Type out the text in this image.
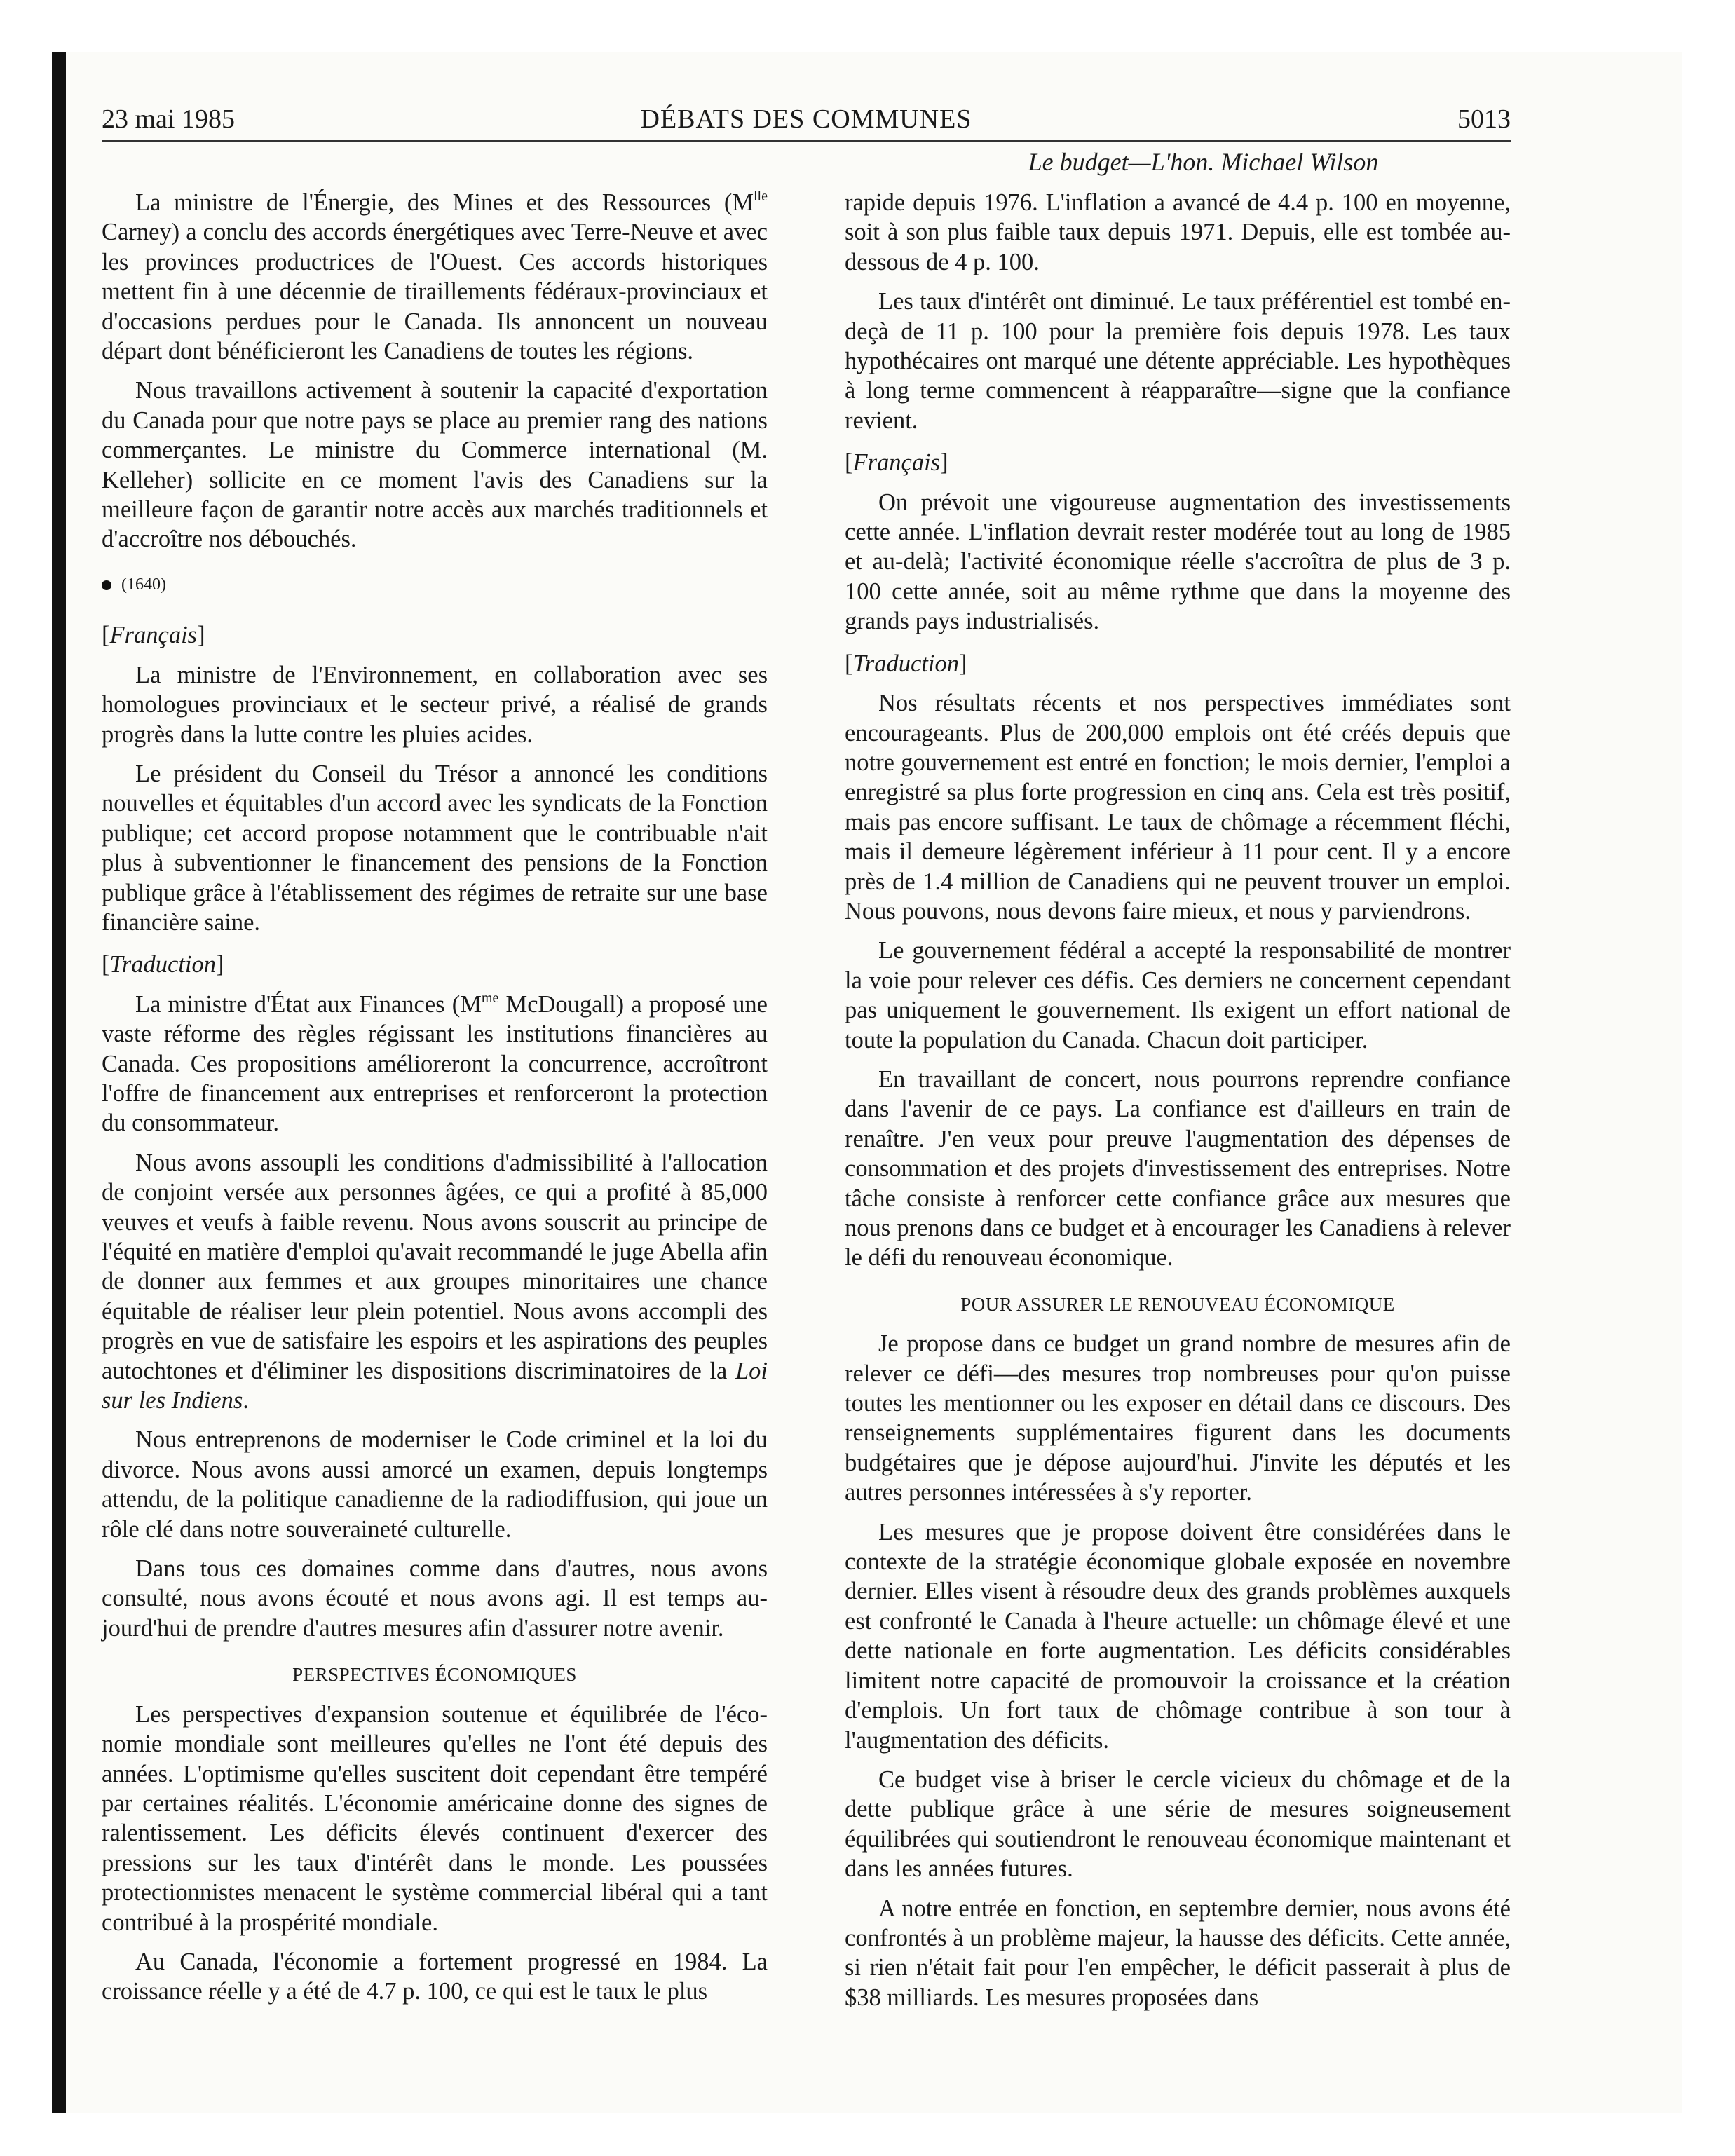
23 mai 1985	DÉBATS DES COMMUNES	5013
Le budget—L'hon. Michael Wilson

La ministre de l'Énergie, des Mines et des Ressources ($M^{lle}$ Carney) a conclu des accords énergétiques avec Terre-Neuve et avec les provinces productrices de l'Ouest. Ces accords historiques mettent fin à une décennie de tiraillements fédéraux-provinciaux et d'occasions perdues pour le Canada. Ils annoncent un nouveau départ dont bénéficieront les Canadiens de toutes les régions.

Nous travaillons activement à soutenir la capacité d'exportation du Canada pour que notre pays se place au premier rang des nations commerçantes. Le ministre du Commerce international (M. Kelleher) sollicite en ce moment l'avis des Canadiens sur la meilleure façon de garantir notre accès aux marchés traditionnels et d'accroître nos débouchés.

(1640)

[Français]

La ministre de l'Environnement, en collaboration avec ses homologues provinciaux et le secteur privé, a réalisé de grands progrès dans la lutte contre les pluies acides.

Le président du Conseil du Trésor a annoncé les conditions nouvelles et équitables d'un accord avec les syndicats de la Fonction publique; cet accord propose notamment que le contribuable n'ait plus à subventionner le financement des pensions de la Fonction publique grâce à l'établissement des régimes de retraite sur une base financière saine.

[Traduction]

La ministre d'État aux Finances ($M^{me}$ McDougall) a proposé une vaste réforme des règles régissant les institutions financières au Canada. Ces propositions amélioreront la concurrence, accroîtront l'offre de financement aux entreprises et renforceront la protection du consommateur.

Nous avons assoupli les conditions d'admissibilité à l'allocation de conjoint versée aux personnes âgées, ce qui a profité à 85,000 veuves et veufs à faible revenu. Nous avons souscrit au principe de l'équité en matière d'emploi qu'avait recommandé le juge Abella afin de donner aux femmes et aux groupes minoritaires une chance équitable de réaliser leur plein potentiel. Nous avons accompli des progrès en vue de satisfaire les espoirs et les aspirations des peuples autochtones et d'éliminer les dispositions discriminatoires de la Loi sur les Indiens.

Nous entreprenons de moderniser le Code criminel et la loi du divorce. Nous avons aussi amorcé un examen, depuis longtemps attendu, de la politique canadienne de la radiodiffusion, qui joue un rôle clé dans notre souveraineté culturelle.

Dans tous ces domaines comme dans d'autres, nous avons consulté, nous avons écouté et nous avons agi. Il est temps aujourd'hui de prendre d'autres mesures afin d'assurer notre avenir.

PERSPECTIVES ÉCONOMIQUES

Les perspectives d'expansion soutenue et équilibrée de l'économie mondiale sont meilleures qu'elles ne l'ont été depuis des années. L'optimisme qu'elles suscitent doit cependant être tempéré par certaines réalités. L'économie américaine donne des signes de ralentissement. Les déficits élevés continuent d'exercer des pressions sur les taux d'intérêt dans le monde. Les poussées protectionnistes menacent le système commercial libéral qui a tant contribué à la prospérité mondiale.

Au Canada, l'économie a fortement progressé en 1984. La croissance réelle y a été de 4.7 p. 100, ce qui est le taux le plus

rapide depuis 1976. L'inflation a avancé de 4.4 p. 100 en moyenne, soit à son plus faible taux depuis 1971. Depuis, elle est tombée au-dessous de 4 p. 100.

Les taux d'intérêt ont diminué. Le taux préférentiel est tombé en-deçà de 11 p. 100 pour la première fois depuis 1978. Les taux hypothécaires ont marqué une détente appréciable. Les hypothèques à long terme commencent à réapparaître—signe que la confiance revient.

[Français]

On prévoit une vigoureuse augmentation des investissements cette année. L'inflation devrait rester modérée tout au long de 1985 et au-delà; l'activité économique réelle s'accroîtra de plus de 3 p. 100 cette année, soit au même rythme que dans la moyenne des grands pays industrialisés.

[Traduction]

Nos résultats récents et nos perspectives immédiates sont encourageants. Plus de 200,000 emplois ont été créés depuis que notre gouvernement est entré en fonction; le mois dernier, l'emploi a enregistré sa plus forte progression en cinq ans. Cela est très positif, mais pas encore suffisant. Le taux de chômage a récemment fléchi, mais il demeure légèrement inférieur à 11 pour cent. Il y a encore près de 1.4 million de Canadiens qui ne peuvent trouver un emploi. Nous pouvons, nous devons faire mieux, et nous y parviendrons.

Le gouvernement fédéral a accepté la responsabilité de montrer la voie pour relever ces défis. Ces derniers ne concernent cependant pas uniquement le gouvernement. Ils exigent un effort national de toute la population du Canada. Chacun doit participer.

En travaillant de concert, nous pourrons reprendre confiance dans l'avenir de ce pays. La confiance est d'ailleurs en train de renaître. J'en veux pour preuve l'augmentation des dépenses de consommation et des projets d'investissement des entreprises. Notre tâche consiste à renforcer cette confiance grâce aux mesures que nous prenons dans ce budget et à encourager les Canadiens à relever le défi du renouveau économique.

POUR ASSURER LE RENOUVEAU ÉCONOMIQUE

Je propose dans ce budget un grand nombre de mesures afin de relever ce défi—des mesures trop nombreuses pour qu'on puisse toutes les mentionner ou les exposer en détail dans ce discours. Des renseignements supplémentaires figurent dans les documents budgétaires que je dépose aujourd'hui. J'invite les députés et les autres personnes intéressées à s'y reporter.

Les mesures que je propose doivent être considérées dans le contexte de la stratégie économique globale exposée en novembre dernier. Elles visent à résoudre deux des grands problèmes auxquels est confronté le Canada à l'heure actuelle: un chômage élevé et une dette nationale en forte augmentation. Les déficits considérables limitent notre capacité de promouvoir la croissance et la création d'emplois. Un fort taux de chômage contribue à son tour à l'augmentation des déficits.

Ce budget vise à briser le cercle vicieux du chômage et de la dette publique grâce à une série de mesures soigneusement équilibrées qui soutiendront le renouveau économique maintenant et dans les années futures.

A notre entrée en fonction, en septembre dernier, nous avons été confrontés à un problème majeur, la hausse des déficits. Cette année, si rien n'était fait pour l'en empêcher, le déficit passerait à plus de $38 milliards. Les mesures proposées dans
